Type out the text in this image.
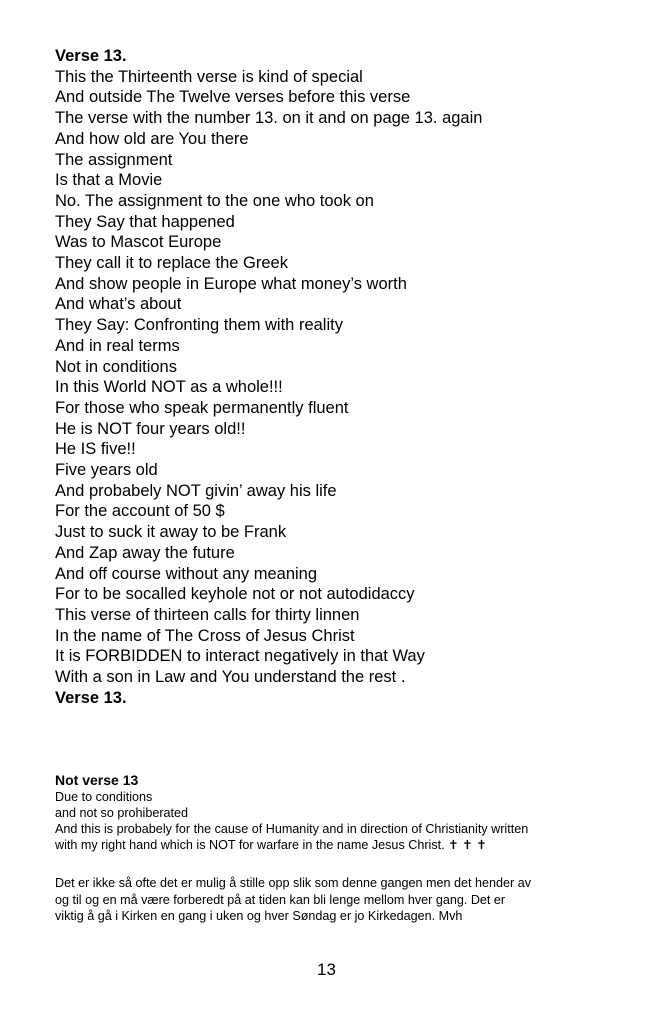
Verse 13.
This the Thirteenth verse is kind of special
And outside The Twelve verses before this verse
The verse with the number 13. on it and on page 13. again
And how old are You there
The assignment
Is that a Movie
No. The assignment to the one who took on
They Say that happened
Was to Mascot Europe
They call it to replace the Greek
And show people in Europe what money’s worth
And what’s about
They Say: Confronting them with reality
And in real terms
Not in conditions
In this World NOT as a whole!!!
For those who speak permanently fluent
He is NOT four years old!!
He IS five!!
Five years old
And probabely NOT givin’ away his life
For the account of 50 $
Just to suck it away to be Frank
And Zap away the future
And off course without any meaning
For to be socalled keyhole not or not autodidaccy
This verse of thirteen calls for thirty linnen
In the name of The Cross of Jesus Christ
It is FORBIDDEN to interact negatively in that Way
With a son in Law and You understand the rest .
Verse 13.
Not verse 13
Due to conditions
and not so prohiberated
And this is probabely for the cause of Humanity and in direction of Christianity written
with my right hand which is NOT for warfare in the name Jesus Christ. ✝ ✝ ✝
Det er ikke så ofte det er mulig å stille opp slik som denne gangen men det hender av
og til og en må være forberedt på at tiden kan bli lenge mellom hver gang. Det er
viktig å gå i Kirken en gang i uken og hver Søndag er jo Kirkedagen. Mvh
13
